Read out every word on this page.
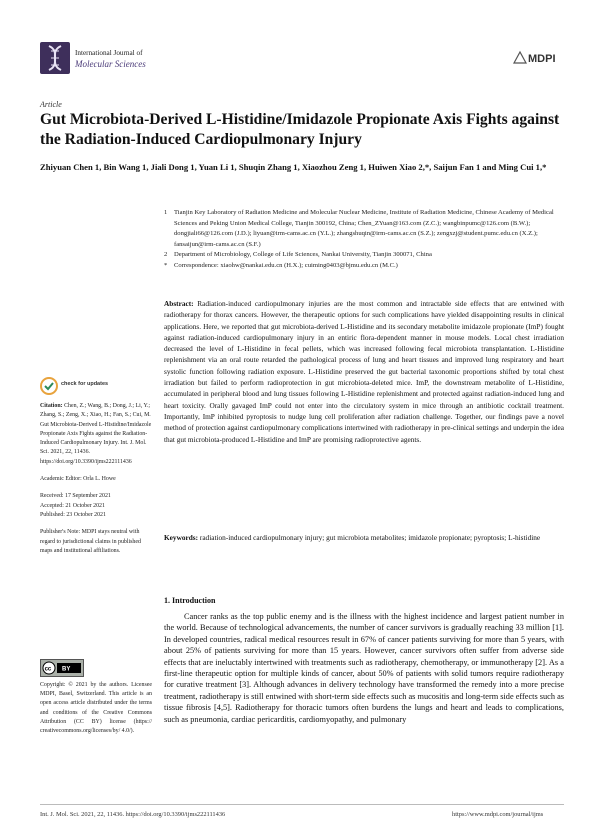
International Journal of
Molecular Sciences	MDPI
Article
Gut Microbiota-Derived L-Histidine/Imidazole Propionate Axis Fights against the Radiation-Induced Cardiopulmonary Injury
Zhiyuan Chen 1, Bin Wang 1, Jiali Dong 1, Yuan Li 1, Shuqin Zhang 1, Xiaozhou Zeng 1, Huiwen Xiao 2,*, Saijun Fan 1 and Ming Cui 1,*
1 Tianjin Key Laboratory of Radiation Medicine and Molecular Nuclear Medicine, Institute of Radiation Medicine, Chinese Academy of Medical Sciences and Peking Union Medical College, Tianjin 300192, China; Chen_ZYuan@163.com (Z.C.); wangbinpumc@126.com (B.W.); dongjiali66@126.com (J.D.); liyuan@irm-cams.ac.cn (Y.L.); zhangshuqin@irm-cams.ac.cn (S.Z.); zengxzj@student.pumc.edu.cn (X.Z.); fansaijun@irm-cams.ac.cn (S.F.)
2 Department of Microbiology, College of Life Sciences, Nankai University, Tianjin 300071, China
* Correspondence: xiaohw@nankai.edu.cn (H.X.); cuiming0403@bjmu.edu.cn (M.C.)
Abstract: Radiation-induced cardiopulmonary injuries are the most common and intractable side effects that are entwined with radiotherapy for thorax cancers. However, the therapeutic options for such complications have yielded disappointing results in clinical applications. Here, we reported that gut microbiota-derived L-Histidine and its secondary metabolite imidazole propionate (ImP) fought against radiation-induced cardiopulmonary injury in an entiric flora-dependent manner in mouse models. Local chest irradiation decreased the level of L-Histidine in fecal pellets, which was increased following fecal microbiota transplantation. L-Histidine replenishment via an oral route retarded the pathological process of lung and heart tissues and improved lung respiratory and heart systolic function following radiation exposure. L-Histidine preserved the gut bacterial taxonomic proportions shifted by total chest irradiation but failed to perform radioprotection in gut microbiota-deleted mice. ImP, the downstream metabolite of L-Histidine, accumulated in peripheral blood and lung tissues following L-Histidine replenishment and protected against radiation-induced lung and heart toxicity. Orally gavaged ImP could not enter into the circulatory system in mice through an antibiotic cocktail treatment. Importantly, ImP inhibited pyroptosis to nudge lung cell proliferation after radiation challenge. Together, our findings pave a novel method of protection against cardiopulmonary complications intertwined with radiotherapy in pre-clinical settings and underpin the idea that gut microbiota-produced L-Histidine and ImP are promising radioprotective agents.
Keywords: radiation-induced cardiopulmonary injury; gut microbiota metabolites; imidazole propionate; pyroptosis; L-histidine
check for updates

Citation: Chen, Z.; Wang, B.; Dong, J.; Li, Y.; Zhang, S.; Zeng, X.; Xiao, H.; Fan, S.; Cui, M. Gut Microbiota-Derived L-Histidine/Imidazole Propionate Axis Fights against the Radiation-Induced Cardiopulmonary Injury. Int. J. Mol. Sci. 2021, 22, 11436. https://doi.org/10.3390/ijms222111436

Academic Editor: Orla L. Howe

Received: 17 September 2021
Accepted: 21 October 2021

Published: 23 October 2021

Publisher's Note: MDPI stays neutral with regard to jurisdictional claims in published maps and institutional affiliations.

cc BY
Copyright: © 2021 by the authors. Licensee MDPI, Basel, Switzerland. This article is an open access article distributed under the terms and conditions of the Creative Commons Attribution (CC BY) license (https:// creativecommons.org/licenses/by/ 4.0/).
1. Introduction

Cancer ranks as the top public enemy and is the illness with the highest incidence and largest patient number in the world. Because of technological advancements, the number of cancer survivors is gradually reaching 33 million [1]. In developed countries, radical medical resources result in 67% of cancer patients surviving for more than 5 years, with about 25% of patients surviving for more than 15 years. However, cancer survivors often suffer from adverse side effects that are ineluctably intertwined with treatments such as radiotherapy, chemotherapy, or immunotherapy [2]. As a first-line therapeutic option for multiple kinds of cancer, about 50% of patients with solid tumors require radiotherapy for curative treatment [3]. Although advances in delivery technology have transformed the remedy into a more precise treatment, radiotherapy is still entwined with short-term side effects such as mucositis and long-term side effects such as tissue fibrosis [4,5]. Radiotherapy for thoracic tumors often burdens the lungs and heart and leads to complications, such as pneumonia, cardiac pericarditis, cardiomyopathy, and pulmonary

Int. J. Mol. Sci. 2021, 22, 11436. https://doi.org/10.3390/ijms222111436	https://www.mdpi.com/journal/ijms
